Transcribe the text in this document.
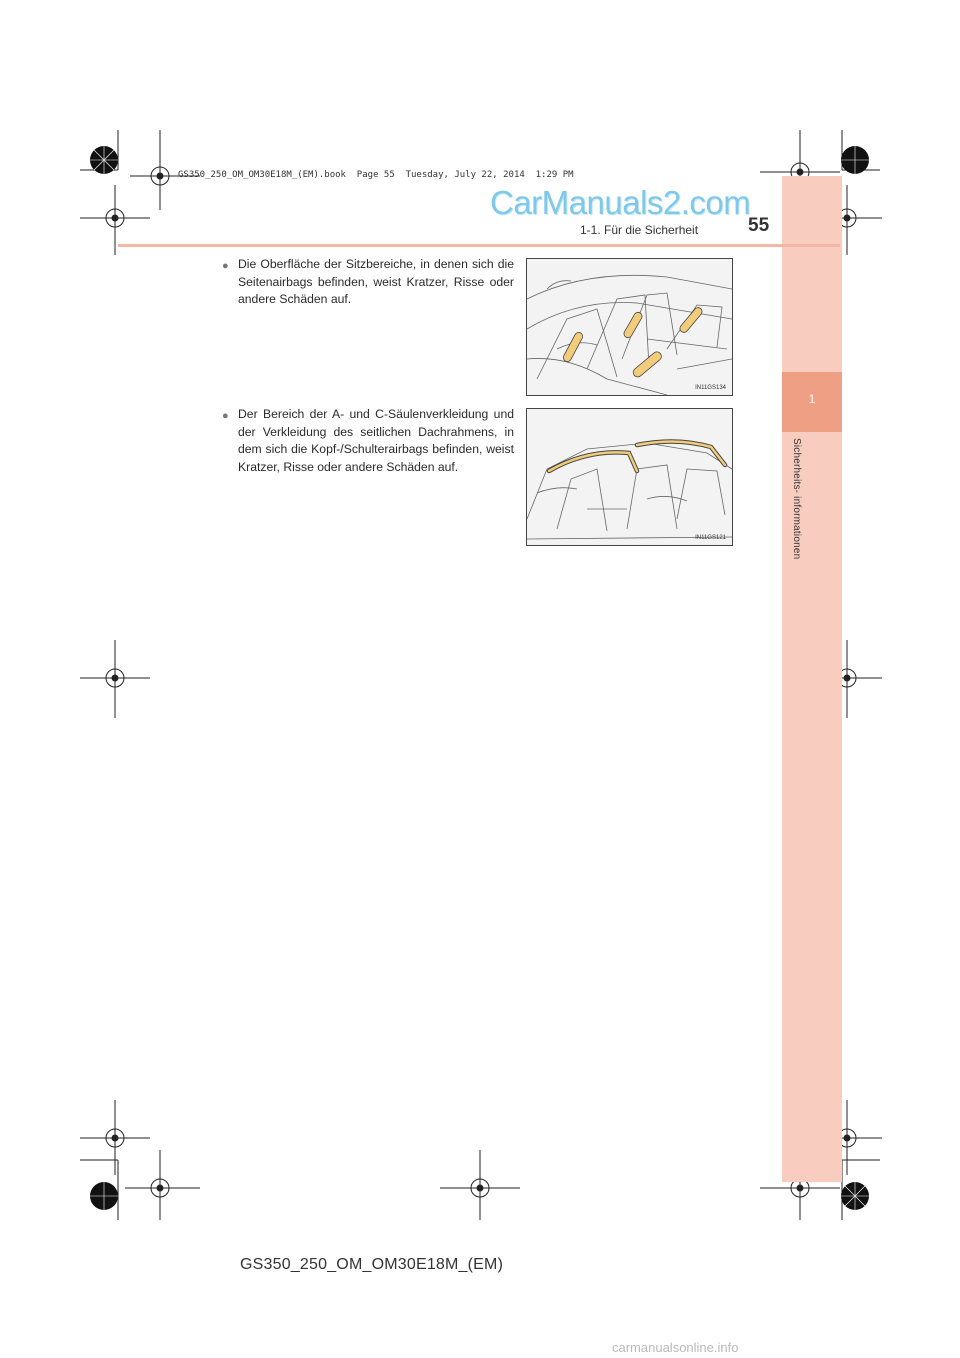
1
Sicherheits- informationen
GS350_250_OM_OM30E18M_(EM).book  Page 55  Tuesday, July 22, 2014  1:29 PM
CarManuals2.com
1-1. Für die Sicherheit	55
● Die Oberfläche der Sitzbereiche, in denen sich die Seitenairbags befinden, weist Kratzer, Risse oder andere Schäden auf.
IN11GS134
● Der Bereich der A- und C-Säulenverkleidung und der Verkleidung des seitlichen Dachrahmens, in dem sich die Kopf-/Schulterairbags befinden, weist Kratzer, Risse oder andere Schäden auf.
IN11GS121
GS350_250_OM_OM30E18M_(EM)
carmanualsonline.info
